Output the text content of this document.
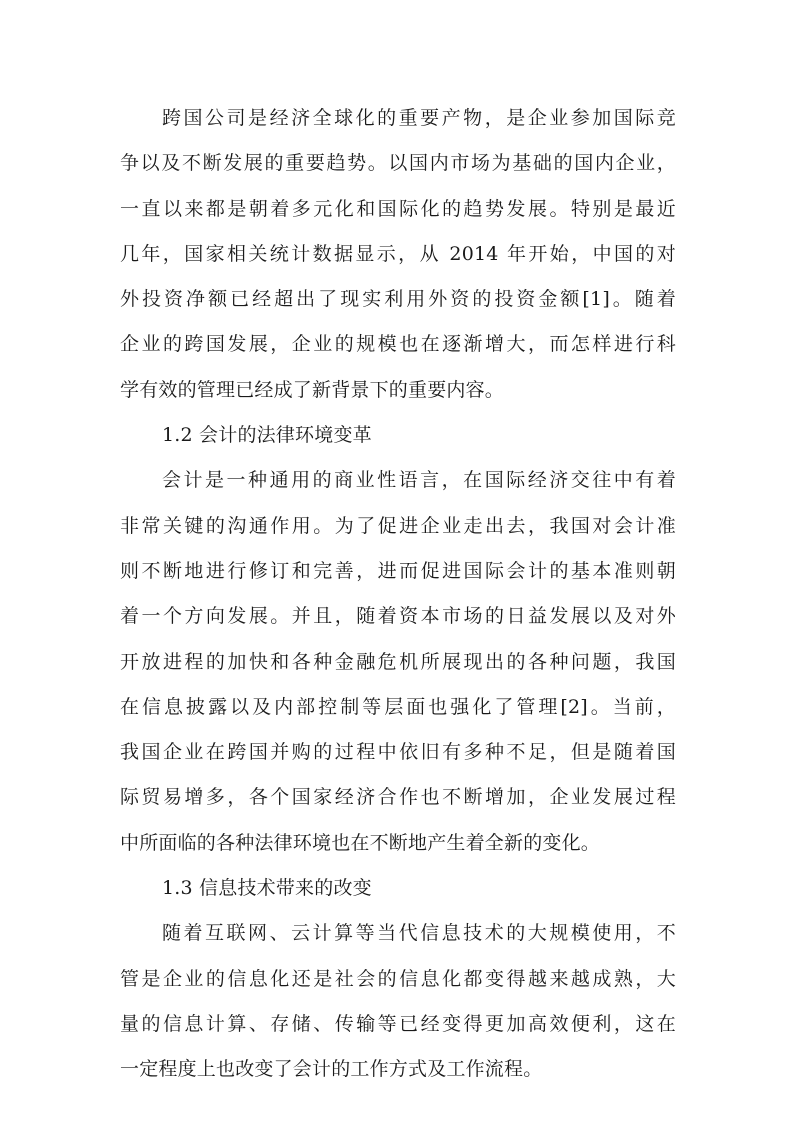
跨国公司是经济全球化的重要产物，是企业参加国际竞
争以及不断发展的重要趋势。以国内市场为基础的国内企业，
一直以来都是朝着多元化和国际化的趋势发展。特别是最近
几年，国家相关统计数据显示，从 2014 年开始，中国的对
外投资净额已经超出了现实利用外资的投资金额[1]。随着
企业的跨国发展，企业的规模也在逐渐增大，而怎样进行科
学有效的管理已经成了新背景下的重要内容。
1.2 会计的法律环境变革
会计是一种通用的商业性语言，在国际经济交往中有着
非常关键的沟通作用。为了促进企业走出去，我国对会计准
则不断地进行修订和完善，进而促进国际会计的基本准则朝
着一个方向发展。并且，随着资本市场的日益发展以及对外
开放进程的加快和各种金融危机所展现出的各种问题，我国
在信息披露以及内部控制等层面也强化了管理[2]。当前，
我国企业在跨国并购的过程中依旧有多种不足，但是随着国
际贸易增多，各个国家经济合作也不断增加，企业发展过程
中所面临的各种法律环境也在不断地产生着全新的变化。
1.3 信息技术带来的改变
随着互联网、云计算等当代信息技术的大规模使用，不
管是企业的信息化还是社会的信息化都变得越来越成熟，大
量的信息计算、存储、传输等已经变得更加高效便利，这在
一定程度上也改变了会计的工作方式及工作流程。
